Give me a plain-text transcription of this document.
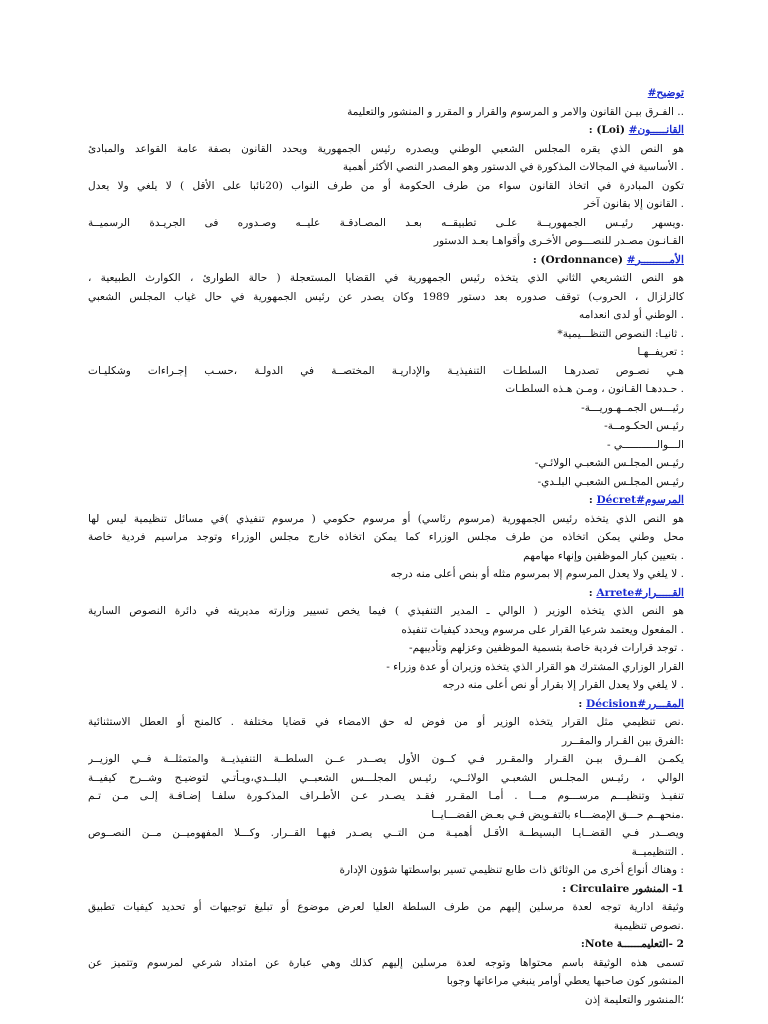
توضيح#
.. الفـرق بيـن القانون والامر و المرسوم والقرار و المقرر و المنشور والتعليمة
القانـــــون# (Loi) :
هو النص الذي يقره المجلس الشعبي الوطني ويصدره رئيس الجمهورية ويحدد القانون بصفة عامة القواعد والمبادئ
. الأساسية في المجالات المذكورة في الدستور وهو المصدر النصي الأكثر أهمية
تكون المبادرة في اتخاذ القانون سواء من طرف الحكومة أو من طرف النواب (20نائبا على الأقل ) لا يلغي ولا يعدل
. القانون إلا بقانون آخر
.ويسهر رئيـس الجمهوريــة علـى تطبيقــه بعـد المصـادقـة عليــه وصـدوره فى الجريـدة الرسميــة
القـانـون مصـدر للنصـــوص الأخـرى وأقواهـا بعـد الدستور
الأمـــــــــر# (Ordonnance) :
هو النص التشريعي الثاني الذي يتخذه رئيس الجمهورية في القضايا المستعجلة ( حالة الطوارئ ، الكوارث الطبيعية ،
كالزلزال ، الحروب) توقف صدوره بعد دستور 1989 وكان يصدر عن رئيس الجمهورية في حال غياب المجلس الشعبي
. الوطني أو لدى انعدامه
. ثانيـا: النصوص التنظـــيمية*
: تعريفــهـا
هـي نصـوص تصدرهـا السلطـات التنفيذيـة والإداريـة المختصــة في الدولـة ،حسـب إجـراءات وشكليـات
. حـددهـا القـانون ، ومـن هـذه السلطـات
رئيـــس الجمــهـوريـــة-
رئيـس الحكـومــة-
الـــوالـــــــــــي -
رئيـس المجلـس الشعبـي الولائـي-
رئيـس المجلـس الشعبـي البلـدي-
المرسوم#Décret :
هو النص الذي يتخذه رئيس الجمهورية (مرسوم رئاسي) أو مرسوم حكومي ( مرسوم تنفيذي )في مسائل تنظيمية ليس لها
محل وطني يمكن اتخاذه من طرف مجلس الوزراء كما يمكن اتخاذه خارج مجلس الوزراء وتوجد مراسيم فردية خاصة
. بتعيين كبار الموظفين وإنهاء مهامهم
. لا يلغي ولا يعدل المرسوم إلا بمرسوم مثله أو بنص أعلى منه درجه
القـــــرار#Arrete :
هو النص الذي يتخذه الوزير ( الوالي ـ المدير التنفيذي ) فيما يخص تسيير وزارته مديريته في دائرة النصوص السارية
. المفعول ويعتمد شرعيا القرار على مرسوم ويحدد كيفيات تنفيذه
. توجد قرارات فردية خاصة بتسمية الموظفين وعزلهم وتأديبهم-
القرار الوزاري المشترك هو القرار الذي يتخذه وزيران أو عدة وزراء -
. لا يلغي ولا يعدل القرار إلا بقرار أو نص أعلى منه درجه
المقـــرر#Décision :
.نص تنظيمي مثل القرار يتخذه الوزير أو من فوض له حق الامضاء في قضايا مختلفة . كالمنح أو العطل الاستثنائية
:الفرق بين القـرار والمقــرر
يكمـن الفــرق بيـن القـرار والمقـرر فـي كــون الأول يصــدر عــن السلطــة التنفيذيــة والمتمثلــة فــي الوزيــر
الوالي ، رئيـس المجلـس الشعبـي الولائــي، رئيـس المجلـــس الشعبــي البلــدي،ويـأتـي لتوضيـح وشــرح كيفيــة
تنفيـذ وتنظيـــم مرســـوم مـــا . أمـا المقـرر فقـد يصـدر عـن الأطـراف المذكـورة سلفـا إضـافـة إلـى مـن تـم
.منحهــم حـــق الإمضـــاء بالتفـويض فـي بعـض القضـــايــا
ويصــدر فـي القضــايـا البسيطــة الأقـل أهميـة مـن التــي يصـدر فيهـا القــرار. وكـــلا المفهوميــن مــن النصــوص
. التنظيميــة
: وهناك أنواع أخرى من الوثائق ذات طابع تنظيمي تسير بواسطتها شؤون الإدارة
1- المنشور Circulaire :
وثيقة ادارية توجه لعدة مرسلين إليهم من طرف السلطة العليا لعرض موضوع أو تبليغ توجيهات أو تحديد كيفيات تطبيق
.نصوص تنظيمية
2 -التعليمــــــة Note:
تسمى هذه الوثيقة باسم محتواها وتوجه لعدة مرسلين إليهم كذلك وهي عبارة عن امتداد شرعي لمرسوم وتتميز عن
المنشور كون صاحبها يعطي أوامر ينبغي مراعاتها وجوبا
؛المنشور والتعليمة إذن
